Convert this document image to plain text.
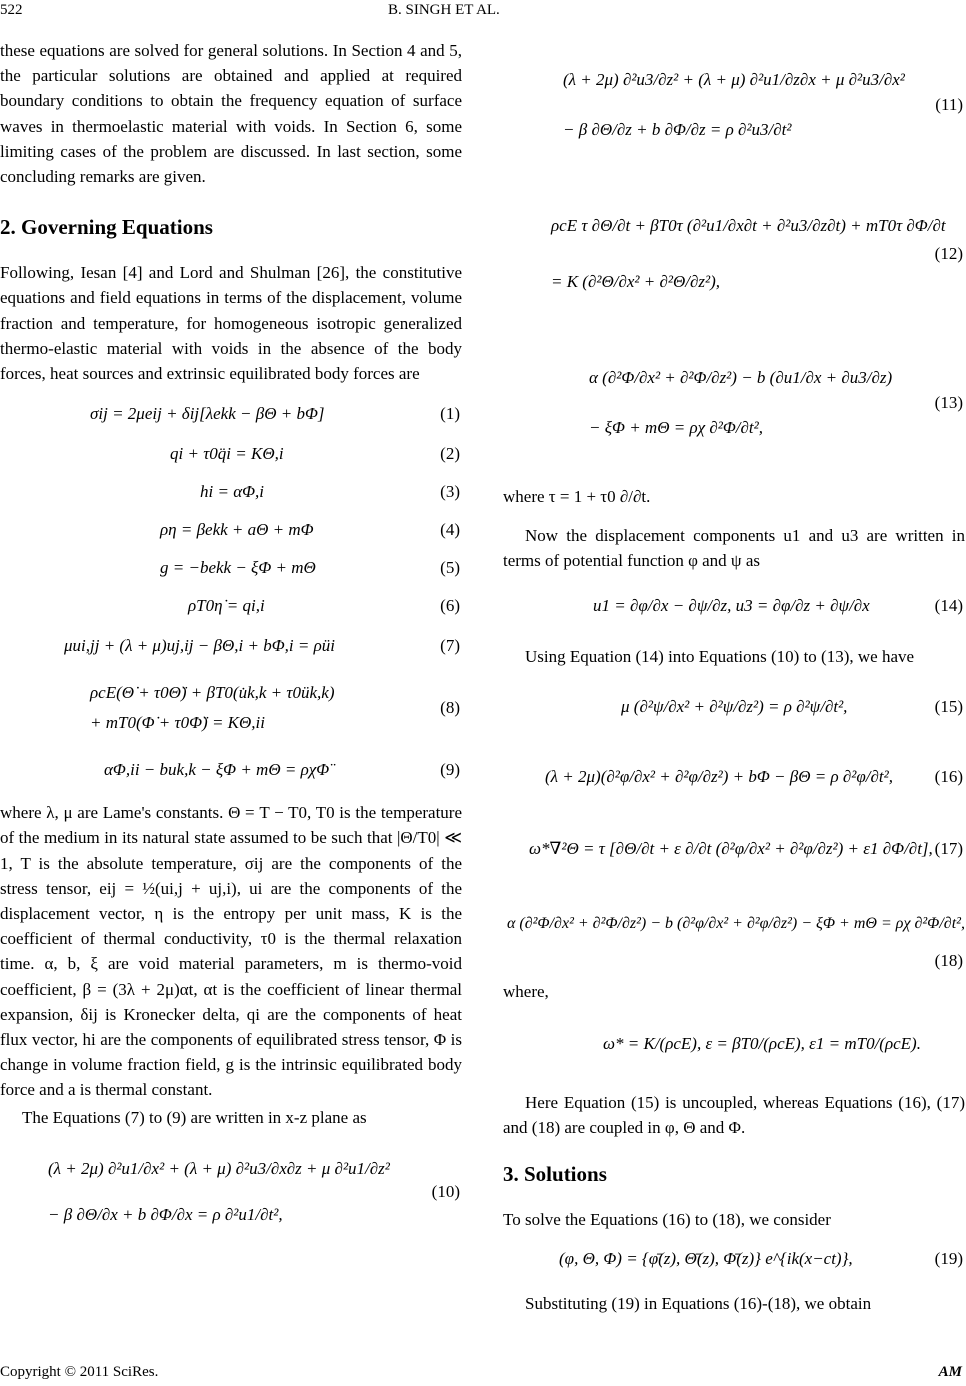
522	B. SINGH ET AL.

these equations are solved for general solutions. In Section 4 and 5, the particular solutions are obtained and applied at required boundary conditions to obtain the frequency equation of surface waves in thermoelastic material with voids. In Section 6, some limiting cases of the problem are discussed. In last section, some concluding remarks are given.

2. Governing Equations

Following, Iesan [4] and Lord and Shulman [26], the constitutive equations and field equations in terms of the displacement, volume fraction and temperature, for homogeneous isotropic generalized thermo-elastic material with voids in the absence of the body forces, heat sources and extrinsic equilibrated body forces are

σij = 2μeij + δij[λekk − βΘ + bΦ]	(1)
qi + τ0q̈i = KΘ,i	(2)
hi = αΦ,i	(3)
ρη = βekk + aΘ + mΦ	(4)
g = −bekk − ξΦ + mΘ	(5)
ρT0η̇ = qi,i	(6)
μui,jj + (λ + μ)uj,ij − βΘ,i + bΦ,i = ρüi	(7)
ρcE(Θ̇ + τ0Θ̈) + βT0(u̇k,k + τ0ük,k)
+ mT0(Φ̇ + τ0Φ̈) = KΘ,ii
(8)
αΦ,ii − buk,k − ξΦ + mΘ = ρχΦ̈	(9)

where λ, μ are Lame's constants. Θ = T − T0, T0 is the temperature of the medium in its natural state assumed to be such that |Θ/T0| ≪ 1, T is the absolute temperature, σij are the components of the stress tensor, eij = ½(ui,j + uj,i), ui are the components of the displacement vector, η is the entropy per unit mass, K is the coefficient of thermal conductivity, τ0 is the thermal relaxation time. α, b, ξ are void material parameters, m is thermo-void coefficient, β = (3λ + 2μ)αt, αt is the coefficient of linear thermal expansion, δij is Kronecker delta, qi are the components of heat flux vector, hi are the components of equilibrated stress tensor, Φ is change in volume fraction field, g is the intrinsic equilibrated body force and a is thermal constant.

The Equations (7) to (9) are written in x-z plane as

(λ + 2μ) ∂²u1/∂x² + (λ + μ) ∂²u3/∂x∂z + μ ∂²u1/∂z²
− β ∂Θ/∂x + b ∂Φ/∂x = ρ ∂²u1/∂t²,
(10)
(λ + 2μ) ∂²u3/∂z² + (λ + μ) ∂²u1/∂z∂x + μ ∂²u3/∂x²
− β ∂Θ/∂z + b ∂Φ/∂z = ρ ∂²u3/∂t²
(11)
ρcE τ ∂Θ/∂t + βT0τ (∂²u1/∂x∂t + ∂²u3/∂z∂t) + mT0τ ∂Φ/∂t
= K (∂²Θ/∂x² + ∂²Θ/∂z²),
(12)
α (∂²Φ/∂x² + ∂²Φ/∂z²) − b (∂u1/∂x + ∂u3/∂z)
− ξΦ + mΘ = ρχ ∂²Φ/∂t²,
(13)

where τ = 1 + τ0 ∂/∂t.

Now the displacement components u1 and u3 are written in terms of potential function φ and ψ as

u1 = ∂φ/∂x − ∂ψ/∂z, u3 = ∂φ/∂z + ∂ψ/∂x	(14)

Using Equation (14) into Equations (10) to (13), we have

μ (∂²ψ/∂x² + ∂²ψ/∂z²) = ρ ∂²ψ/∂t²,	(15)
(λ + 2μ)(∂²φ/∂x² + ∂²φ/∂z²) + bΦ − βΘ = ρ ∂²φ/∂t²,	(16)
ω*∇²Θ = τ [∂Θ/∂t + ε ∂/∂t (∂²φ/∂x² + ∂²φ/∂z²) + ε1 ∂Φ/∂t], (17)
α (∂²Φ/∂x² + ∂²Φ/∂z²) − b (∂²φ/∂x² + ∂²φ/∂z²) − ξΦ + mΘ = ρχ ∂²Φ/∂t²,
(18)

where,

ω* = K/(ρcE), ε = βT0/(ρcE), ε1 = mT0/(ρcE).

Here Equation (15) is uncoupled, whereas Equations (16), (17) and (18) are coupled in φ, Θ and Φ.

3. Solutions

To solve the Equations (16) to (18), we consider

(φ, Θ, Φ) = {φ̄(z), Θ̄(z), Φ̄(z)} e^{ik(x−ct)},	(19)

Substituting (19) in Equations (16)-(18), we obtain

Copyright © 2011 SciRes.	AM
